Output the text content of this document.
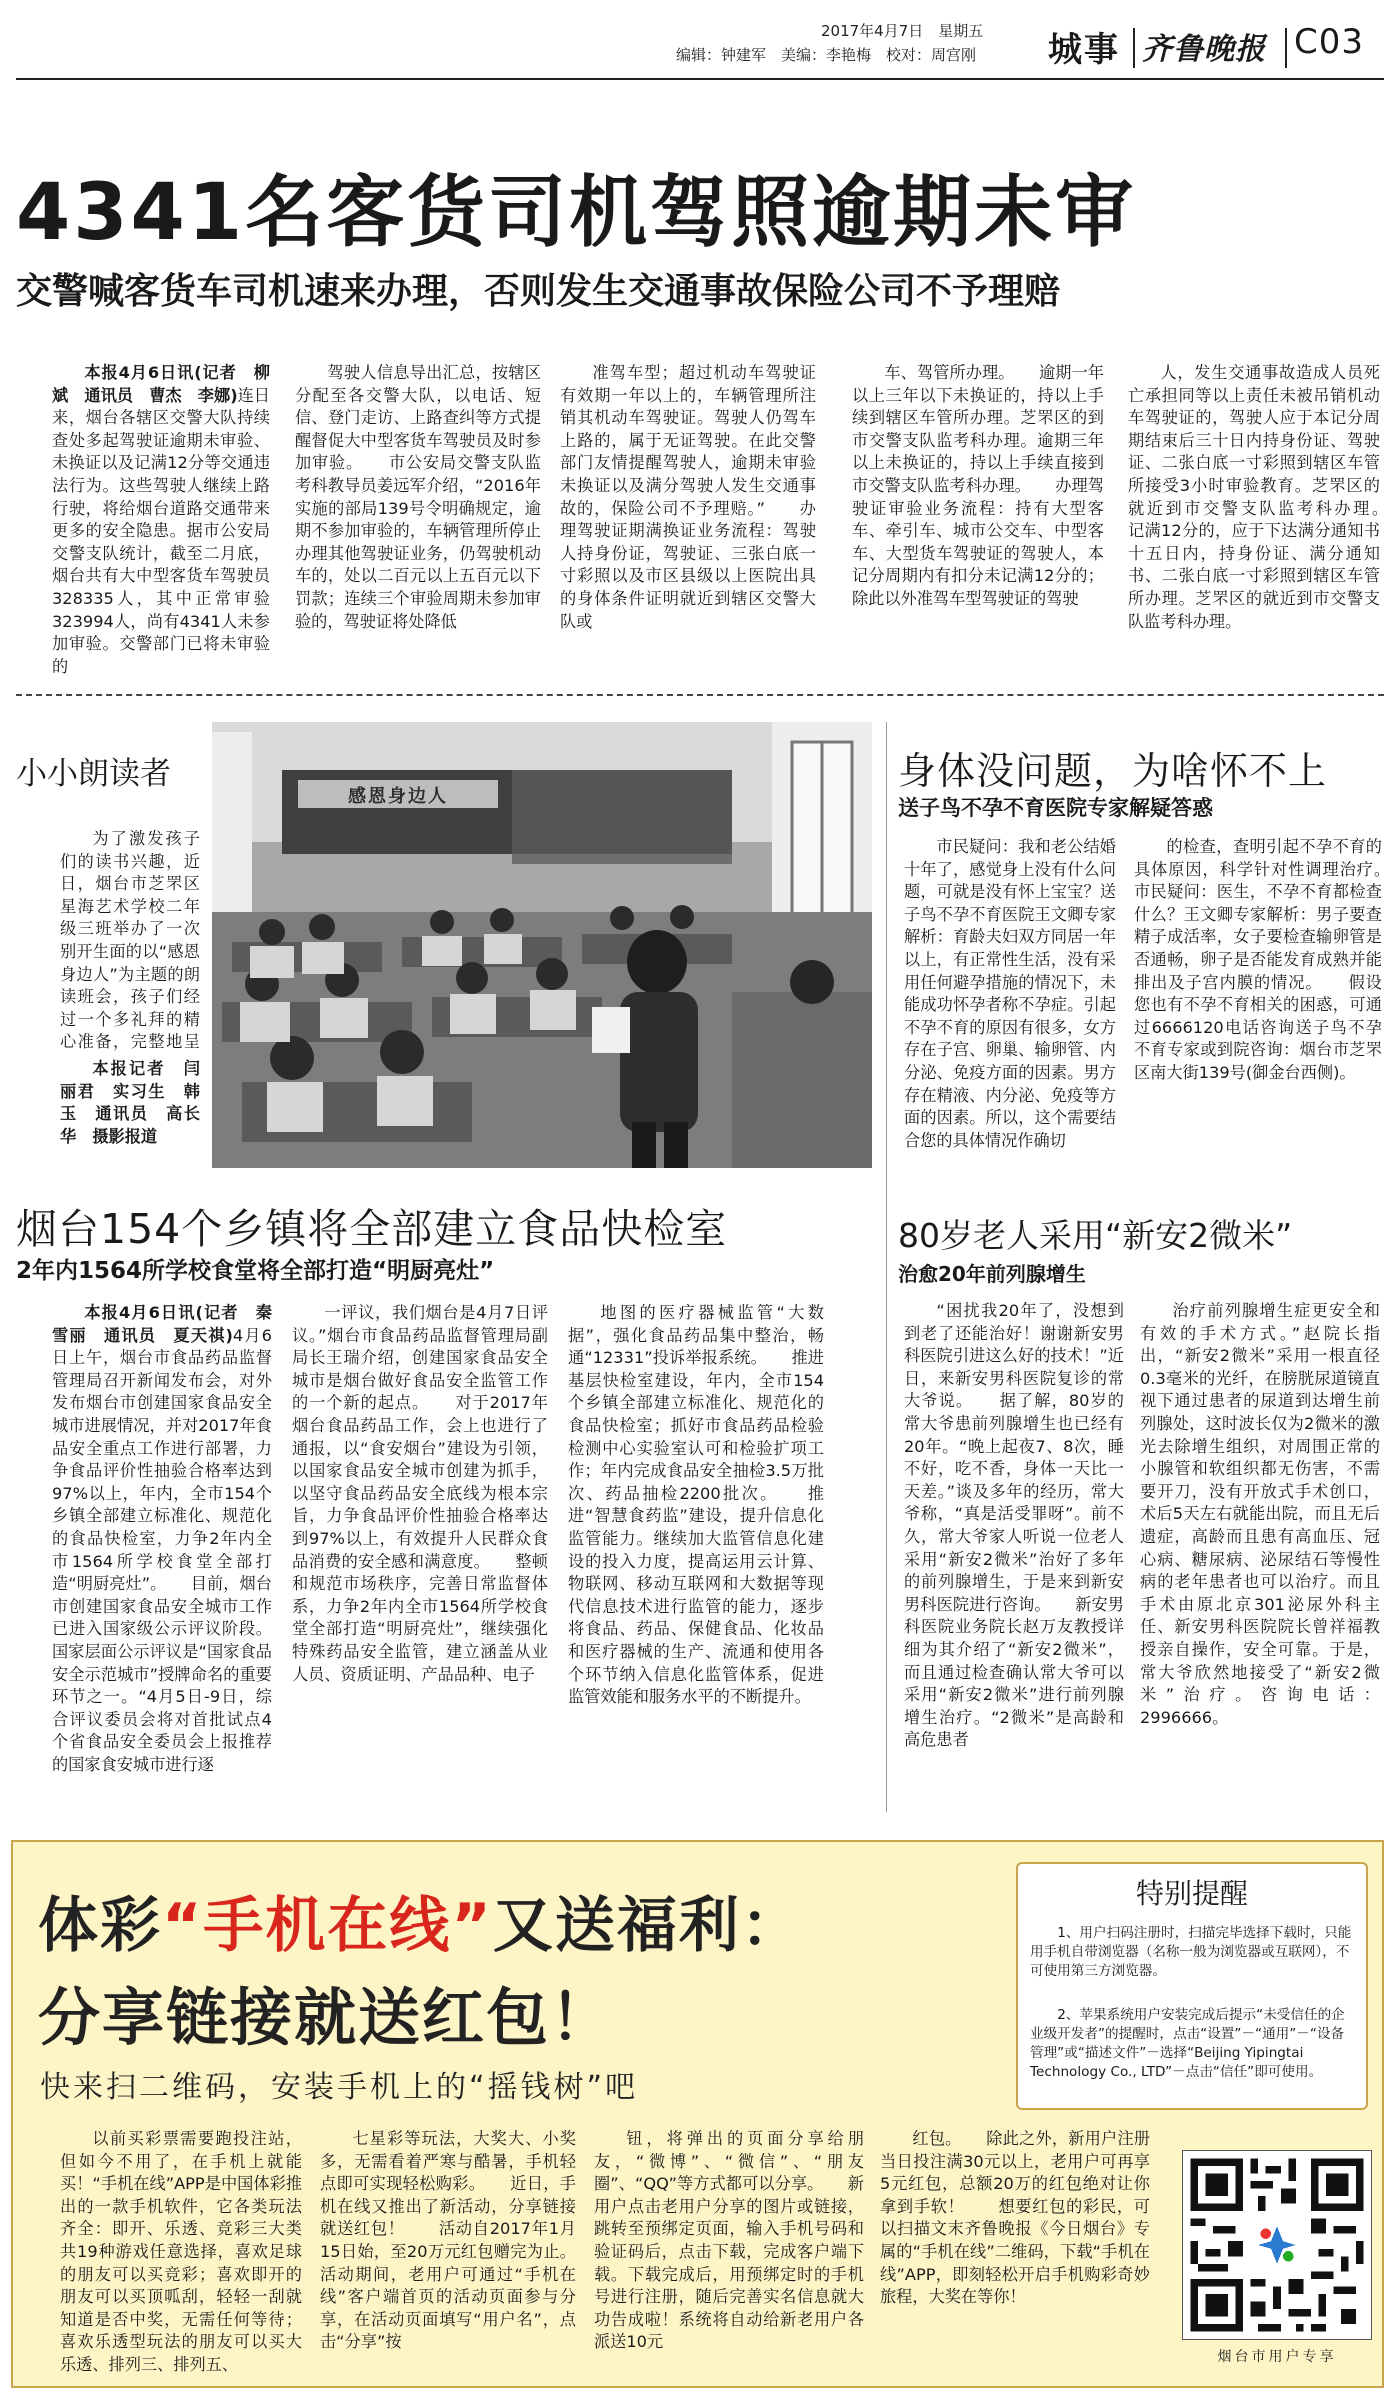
2017年4月7日　星期五
编辑：钟建军　美编：李艳梅　校对：周宫刚 城事 齐鲁晚报 C03
4341名客货司机驾照逾期未审
交警喊客货车司机速来办理，否则发生交通事故保险公司不予理赔

本报4月6日讯(记者　柳斌　通讯员　曹杰　李娜)连日来，烟台各辖区交警大队持续查处多起驾驶证逾期未审验、未换证以及记满12分等交通违法行为。这些驾驶人继续上路行驶，将给烟台道路交通带来更多的安全隐患。据市公安局交警支队统计，截至二月底，烟台共有大中型客货车驾驶员328335人，其中正常审验323994人，尚有4341人未参加审验。交警部门已将未审验的

驾驶人信息导出汇总，按辖区分配至各交警大队，以电话、短信、登门走访、上路查纠等方式提醒督促大中型客货车驾驶员及时参加审验。　　市公安局交警支队监考科教导员姜远军介绍，“2016年实施的部局139号令明确规定，逾期不参加审验的，车辆管理所停止办理其他驾驶证业务，仍驾驶机动车的，处以二百元以上五百元以下罚款；连续三个审验周期未参加审验的，驾驶证将处降低

准驾车型；超过机动车驾驶证有效期一年以上的，车辆管理所注销其机动车驾驶证。驾驶人仍驾车上路的，属于无证驾驶。在此交警部门友情提醒驾驶人，逾期未审验未换证以及满分驾驶人发生交通事故的，保险公司不予理赔。”　　办理驾驶证期满换证业务流程：驾驶人持身份证，驾驶证、三张白底一寸彩照以及市区县级以上医院出具的身体条件证明就近到辖区交警大队或

车、驾管所办理。　　逾期一年以上三年以下未换证的，持以上手续到辖区车管所办理。芝罘区的到市交警支队监考科办理。逾期三年以上未换证的，持以上手续直接到市交警支队监考科办理。　　办理驾驶证审验业务流程：持有大型客车、牵引车、城市公交车、中型客车、大型货车驾驶证的驾驶人，本记分周期内有扣分未记满12分的；除此以外准驾车型驾驶证的驾驶

人，发生交通事故造成人员死亡承担同等以上责任未被吊销机动车驾驶证的，驾驶人应于本记分周期结束后三十日内持身份证、驾驶证、二张白底一寸彩照到辖区车管所接受3小时审验教育。芝罘区的就近到市交警支队监考科办理。　　记满12分的，应于下达满分通知书十五日内，持身份证、满分通知书、二张白底一寸彩照到辖区车管所办理。芝罘区的就近到市交警支队监考科办理。

小小朗读者

为了激发孩子们的读书兴趣，近日，烟台市芝罘区星海艺术学校二年级三班举办了一次别开生面的以“感恩身边人”为主题的朗读班会，孩子们经过一个多礼拜的精心准备，完整地呈

本报记者　闫丽君　实习生　韩玉　通讯员　高长华　摄影报道

感恩身边人
身体没问题，为啥怀不上
送子鸟不孕不育医院专家解疑答惑

市民疑问：我和老公结婚十年了，感觉身上没有什么问题，可就是没有怀上宝宝？送子鸟不孕不育医院王文卿专家解析：育龄夫妇双方同居一年以上，有正常性生活，没有采用任何避孕措施的情况下，未能成功怀孕者称不孕症。引起不孕不育的原因有很多，女方存在子宫、卵巢、输卵管、内分泌、免疫方面的因素。男方存在精液、内分泌、免疫等方面的因素。所以，这个需要结合您的具体情况作确切

的检查，查明引起不孕不育的具体原因，科学针对性调理治疗。　　市民疑问：医生，不孕不育都检查什么？王文卿专家解析：男子要查精子成活率，女子要检查输卵管是否通畅，卵子是否能发育成熟并能排出及子宫内膜的情况。　　假设您也有不孕不育相关的困惑，可通过6666120电话咨询送子鸟不孕不育专家或到院咨询：烟台市芝罘区南大街139号(御金台西侧)。

烟台154个乡镇将全部建立食品快检室
2年内1564所学校食堂将全部打造“明厨亮灶”

本报4月6日讯(记者　秦雪丽　通讯员　夏天祺)4月6日上午，烟台市食品药品监督管理局召开新闻发布会，对外发布烟台市创建国家食品安全城市进展情况，并对2017年食品安全重点工作进行部署，力争食品评价性抽验合格率达到97%以上，年内，全市154个乡镇全部建立标准化、规范化的食品快检室，力争2年内全市1564所学校食堂全部打造“明厨亮灶”。　　目前，烟台市创建国家食品安全城市工作已进入国家级公示评议阶段。国家层面公示评议是“国家食品安全示范城市”授牌命名的重要环节之一。“4月5日-9日，综合评议委员会将对首批试点4个省食品安全委员会上报推荐的国家食安城市进行逐

一评议，我们烟台是4月7日评议。”烟台市食品药品监督管理局副局长王瑞介绍，创建国家食品安全城市是烟台做好食品安全监管工作的一个新的起点。　　对于2017年烟台食品药品工作，会上也进行了通报，以“食安烟台”建设为引领，以国家食品安全城市创建为抓手，以坚守食品药品安全底线为根本宗旨，力争食品评价性抽验合格率达到97%以上，有效提升人民群众食品消费的安全感和满意度。　　整顿和规范市场秩序，完善日常监督体系，力争2年内全市1564所学校食堂全部打造“明厨亮灶”，继续强化特殊药品安全监管，建立涵盖从业人员、资质证明、产品品种、电子

地图的医疗器械监管“大数据”，强化食品药品集中整治，畅通“12331”投诉举报系统。　　推进基层快检室建设，年内，全市154个乡镇全部建立标准化、规范化的食品快检室；抓好市食品药品检验检测中心实验室认可和检验扩项工作；年内完成食品安全抽检3.5万批次、药品抽检2200批次。　　推进“智慧食药监”建设，提升信息化监管能力。继续加大监管信息化建设的投入力度，提高运用云计算、物联网、移动互联网和大数据等现代信息技术进行监管的能力，逐步将食品、药品、保健食品、化妆品和医疗器械的生产、流通和使用各个环节纳入信息化监管体系，促进监管效能和服务水平的不断提升。

80岁老人采用“新安2微米”
治愈20年前列腺增生

“困扰我20年了，没想到到老了还能治好！谢谢新安男科医院引进这么好的技术！”近日，来新安男科医院复诊的常大爷说。　　据了解，80岁的常大爷患前列腺增生也已经有20年。“晚上起夜7、8次，睡不好，吃不香，身体一天比一天差。”谈及多年的经历，常大爷称，“真是活受罪呀”。前不久，常大爷家人听说一位老人采用“新安2微米”治好了多年的前列腺增生，于是来到新安男科医院进行咨询。　　新安男科医院业务院长赵万友教授详细为其介绍了“新安2微米”，而且通过检查确认常大爷可以采用“新安2微米”进行前列腺增生治疗。“2微米”是高龄和高危患者

治疗前列腺增生症更安全和有效的手术方式。”赵院长指出，“新安2微米”采用一根直径0.3毫米的光纤，在膀胱尿道镜直视下通过患者的尿道到达增生前列腺处，这时波长仅为2微米的激光去除增生组织，对周围正常的小腺管和软组织都无伤害，不需要开刀，没有开放式手术创口，术后5天左右就能出院，而且无后遗症，高龄而且患有高血压、冠心病、糖尿病、泌尿结石等慢性病的老年患者也可以治疗。而且手术由原北京301泌尿外科主任、新安男科医院院长曾祥福教授亲自操作，安全可靠。于是，常大爷欣然地接受了“新安2微米”治疗。咨询电话：2996666。

体彩“手机在线”又送福利：
分享链接就送红包！
快来扫二维码，安装手机上的“摇钱树”吧
特别提醒
1、用户扫码注册时，扫描完毕选择下载时，只能用手机自带浏览器（名称一般为浏览器或互联网），不可使用第三方浏览器。
2、苹果系统用户安装完成后提示“未受信任的企业级开发者”的提醒时，点击“设置”－“通用”－“设备管理”或“描述文件”－选择“Beijing Yipingtai Technology Co., LTD”－点击“信任”即可使用。

以前买彩票需要跑投注站，但如今不用了，在手机上就能买！“手机在线”APP是中国体彩推出的一款手机软件，它各类玩法齐全：即开、乐透、竞彩三大类共19种游戏任意选择，喜欢足球的朋友可以买竞彩；喜欢即开的朋友可以买顶呱刮，轻轻一刮就知道是否中奖，无需任何等待；喜欢乐透型玩法的朋友可以买大乐透、排列三、排列五、

七星彩等玩法，大奖大、小奖多，无需看着严寒与酷暑，手机轻点即可实现轻松购彩。　　近日，手机在线又推出了新活动，分享链接就送红包！　　活动自2017年1月15日始，至20万元红包赠完为止。活动期间，老用户可通过“手机在线”客户端首页的活动页面参与分享，在活动页面填写“用户名”，点击“分享”按

钮，将弹出的页面分享给朋友，“微博”、“微信”、“朋友圈”、“QQ”等方式都可以分享。　　新用户点击老用户分享的图片或链接，跳转至预绑定页面，输入手机号码和验证码后，点击下载，完成客户端下载。下载完成后，用预绑定时的手机号进行注册，随后完善实名信息就大功告成啦！系统将自动给新老用户各派送10元

红包。　　除此之外，新用户注册当日投注满30元以上，老用户可再享5元红包，总额20万的红包绝对让你拿到手软！　　想要红包的彩民，可以扫描文末齐鲁晚报《今日烟台》专属的“手机在线”二维码，下载“手机在线”APP，即刻轻松开启手机购彩奇妙旅程，大奖在等你！

烟台市用户专享
